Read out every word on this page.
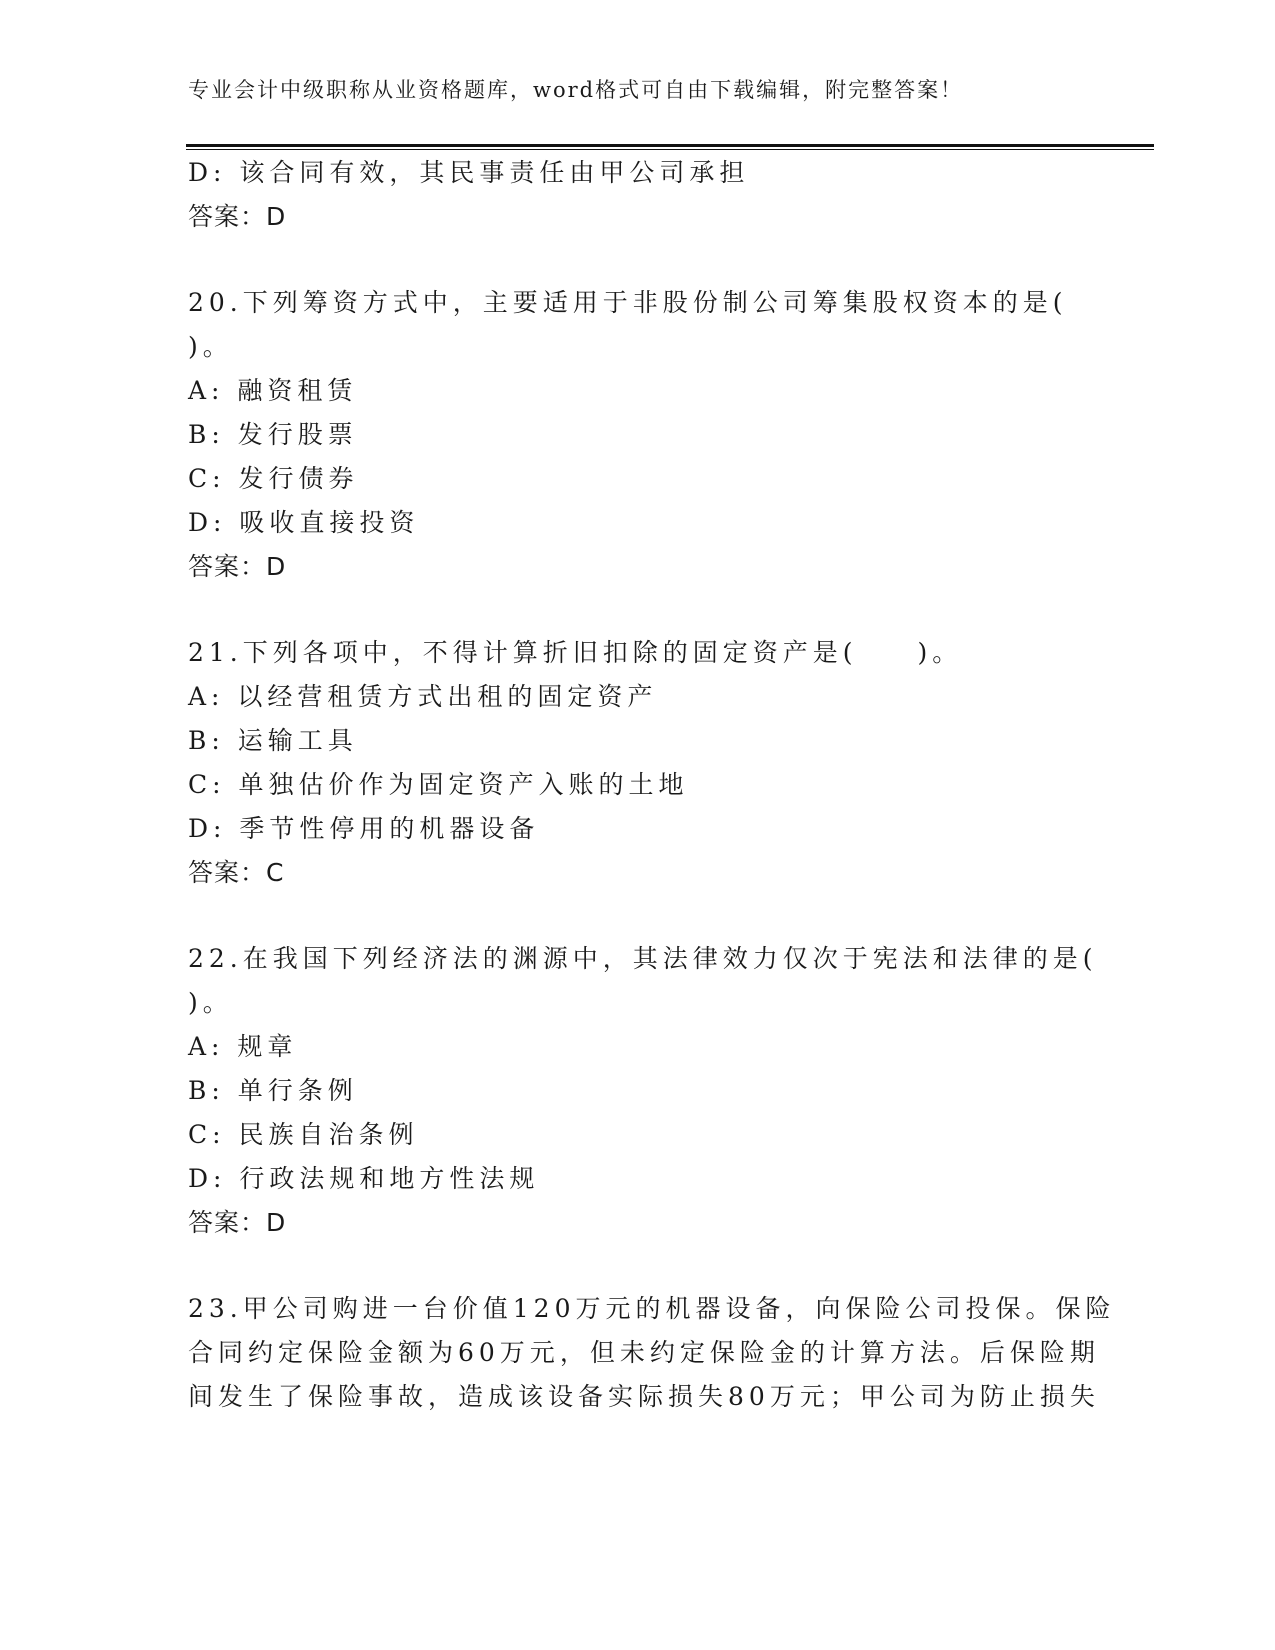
专业会计中级职称从业资格题库，word格式可自由下载编辑，附完整答案！
D: 该合同有效，其民事责任由甲公司承担
答案：D
20.下列筹资方式中，主要适用于非股份制公司筹集股权资本的是(
)。
A: 融资租赁
B: 发行股票
C: 发行债券
D: 吸收直接投资
答案：D
21.下列各项中，不得计算折旧扣除的固定资产是(　　)。
A: 以经营租赁方式出租的固定资产
B: 运输工具
C: 单独估价作为固定资产入账的土地
D: 季节性停用的机器设备
答案：C
22.在我国下列经济法的渊源中，其法律效力仅次于宪法和法律的是(
)。
A: 规章
B: 单行条例
C: 民族自治条例
D: 行政法规和地方性法规
答案：D
23.甲公司购进一台价值120万元的机器设备，向保险公司投保。保险
合同约定保险金额为60万元，但未约定保险金的计算方法。后保险期
间发生了保险事故，造成该设备实际损失80万元；甲公司为防止损失
